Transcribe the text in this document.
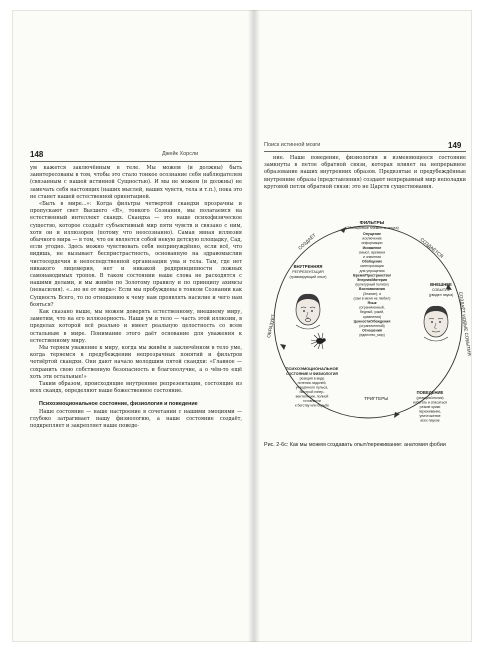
148	Джейк Хорсли

ум кажется заключённым в теле. Мы можем (и должны) быть заинтересованы в том, чтобы это стало тонкое осознание себя наблюдателем (связанным с нашей истинной Сущностью). И мы не можем (и должны) не замечать себя настоящих (наших мыслей, наших чувств, тела и т.п.), пока это не станет нашей естественной ориентацией.

«Быть в мире...»: Когда фильтры четвертой скандхи прозрачны и пропускают свет Высшего «Я», тонкого Сознания, мы полагаемся на естественный интеллект скандх. Скандха — это наше психофизическое существо, которое создаёт субъективный мир пяти чувств и связано с ним, хотя он и иллюзорен (потому что неосознанно). Самая явная иллюзия обычного мира — в том, что он является собой некую детскую площадку, Сад, если угодно. Здесь можно чувствовать себя непринуждённо, если всё, что видишь, не вызывает беспристрастность, основанную на здравомыслии чистосердечия и непоспедственной организации ума и тела. Там, где нет никакого лицемерия, нет и никакой редпринципности ложных самонаводимых тропов. В таком состоянии наше слова не расходятся с нашими делами, и мы живём по Золотому правилу и по принципу ахимсы (ненасилия). «...но не от мира»: Если мы пробуждены в тонком Сознании как Сущность Всего, то по отношению к чему нам проявлять насилие и чего нам бояться?

Как сказано выше, мы можем доверять естественному, внешнему миру, заметим, что на его иллюзорность. Наши ум и тело — часть этой иллюзии, в пределах которой всё реально и имеет реальную целостность со всем остальным в мире. Понимание этого даёт основание для уважения к естественному миру.

Мы теряем уважение к миру, когда мы живём в заключённом в тело уме, когда теряемся в предубеждении непрозрачных понятий и фильтров четвёртой скандхи. Они дают начало молодшим пятой скандхи: «Главное — сохранить свою собственную безопасность и благополучие, а о чём-то ещё хоть эти остальные!»

Таким образом, происходящие внутренние репрезентации, состоящие из всех скандх, определяют наше божественное состояние.

Психоэмоциональное состояние, физиология и поведение

Наше состояние — наше настроение в сочетании с нашими эмоциями — глубоко затрагивает нашу физиологию, а наше состояние создаёт, подкрепляет и закрепляет наше поведе-

Поиск истинной мозги	149

ние. Наше поведение, физиология и изменяющееся состояние замкнуты в петле обратной связи, которая влияет на непрерывное образование наших внутренних образов. Предвзятые и предубеждённые внутренние образы (представления) создают непрерывный мир неполадки круговой петли обратной связи: это не Царств существования.

СОЗДАЁТ	СОЗДАЁТСЯ
ОБРАЗУЕТ	СОЗДАЁТ НОВЫЕ СОБЫТИЯ
ТРИГГЕРЫ
ФИЛЬТРЫ
(Обобщённые элементы опыта)
Опущение
исключение
информации
Искажение
смысл, времени
и значения
Обобщение
категоризации
для упрощения
Время/Пространство/
Энергия/Материя
(культурный полиси)
Воспоминания
(Знание): я
(сам в меня не любил)
Язык
(ограниченный,
бедный, узкий,
сравнения)
Ценности/Убеждения
(ограниченный)
Отношения
(единство_мир)
ВНУТРЕННЯЯ
РЕПРЕЗЕНТАЦИЯ
(травмирующий опыт)
ВНЕШНЕЕ
СОБЫТИЕ
(увидел паука)
ПСИХОЭМОЦИОНАЛЬНОЕ
СОСТОЯНИЕ И ФИЗИОЛОГИЯ
реакция в виде
потения ладоней,
учащённого пульса,
быстрой гипер-
вентиляции, полной
готовности
к бегству или борьбе
ПОВЕДЕНИЕ
(реакция/отклик)
избегать и спасаться
резкие крики
переживание,
уничтожение
всех пауков
Рис. 2-6с: Как мы можем создавать опыт/переживание: анатомия фобии
